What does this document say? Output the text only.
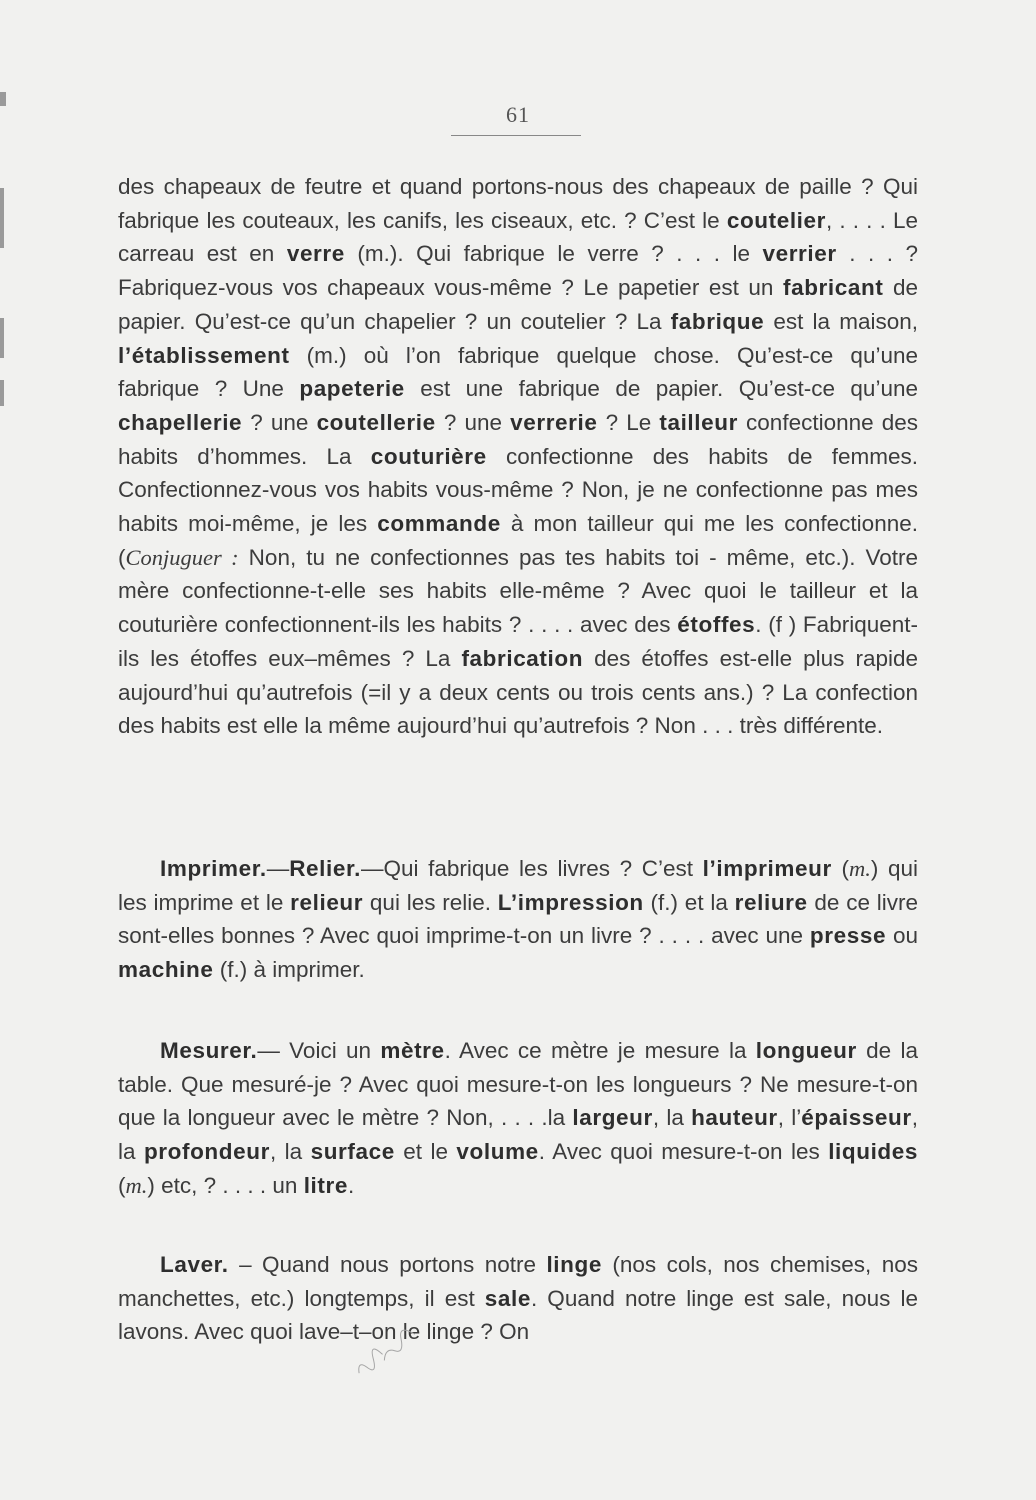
61
des chapeaux de feutre et quand portons-nous des chapeaux de paille ? Qui fabrique les couteaux, les canifs, les ciseaux, etc. ? C’est le coutelier, . . . . Le carreau est en verre (m.). Qui fabrique le verre ? . . . le verrier . . . ? Fabriquez-vous vos chapeaux vous-même ? Le papetier est un fabricant de papier. Qu’est-ce qu’un chapelier ? un coutelier ? La fabrique est la maison, l’établissement (m.) où l’on fabrique quelque chose. Qu’est-ce qu’une fabrique ? Une papeterie est une fabrique de papier. Qu’est-ce qu’une chapellerie ? une coutellerie ? une verrerie ? Le tailleur confectionne des habits d’hommes. La couturière confectionne des habits de femmes. Confectionnez-vous vos habits vous-même ? Non, je ne confectionne pas mes habits moi-même, je les commande à mon tailleur qui me les confectionne. (Conjuguer : Non, tu ne confectionnes pas tes habits toi - même, etc.). Votre mère confectionne-t-elle ses habits elle-même ? Avec quoi le tailleur et la couturière confectionnent-ils les habits ? . . . . avec des étoffes. (f ) Fabriquent-ils les étoffes eux–mêmes ? La fabrication des étoffes est-elle plus rapide aujourd’hui qu’autrefois (=il y a deux cents ou trois cents ans.) ? La confection des habits est elle la même aujourd’hui qu’autrefois ? Non . . . très différente.
Imprimer.—Relier.—Qui fabrique les livres ? C’est l’imprimeur (m.) qui les imprime et le relieur qui les relie. L’impression (f.) et la reliure de ce livre sont-elles bonnes ? Avec quoi imprime-t-on un livre ? . . . . avec une presse ou machine (f.) à imprimer.
Mesurer.— Voici un mètre. Avec ce mètre je mesure la longueur de la table. Que mesuré-je ? Avec quoi mesure-t-on les longueurs ? Ne mesure-t-on que la longueur avec le mètre ? Non, . . . .la largeur, la hauteur, l’épaisseur, la profondeur, la surface et le volume. Avec quoi mesure-t-on les liquides (m.) etc, ? . . . . un litre.
Laver. – Quand nous portons notre linge (nos cols, nos chemises, nos manchettes, etc.) longtemps, il est sale. Quand notre linge est sale, nous le lavons. Avec quoi lave–t–on le linge ? On
